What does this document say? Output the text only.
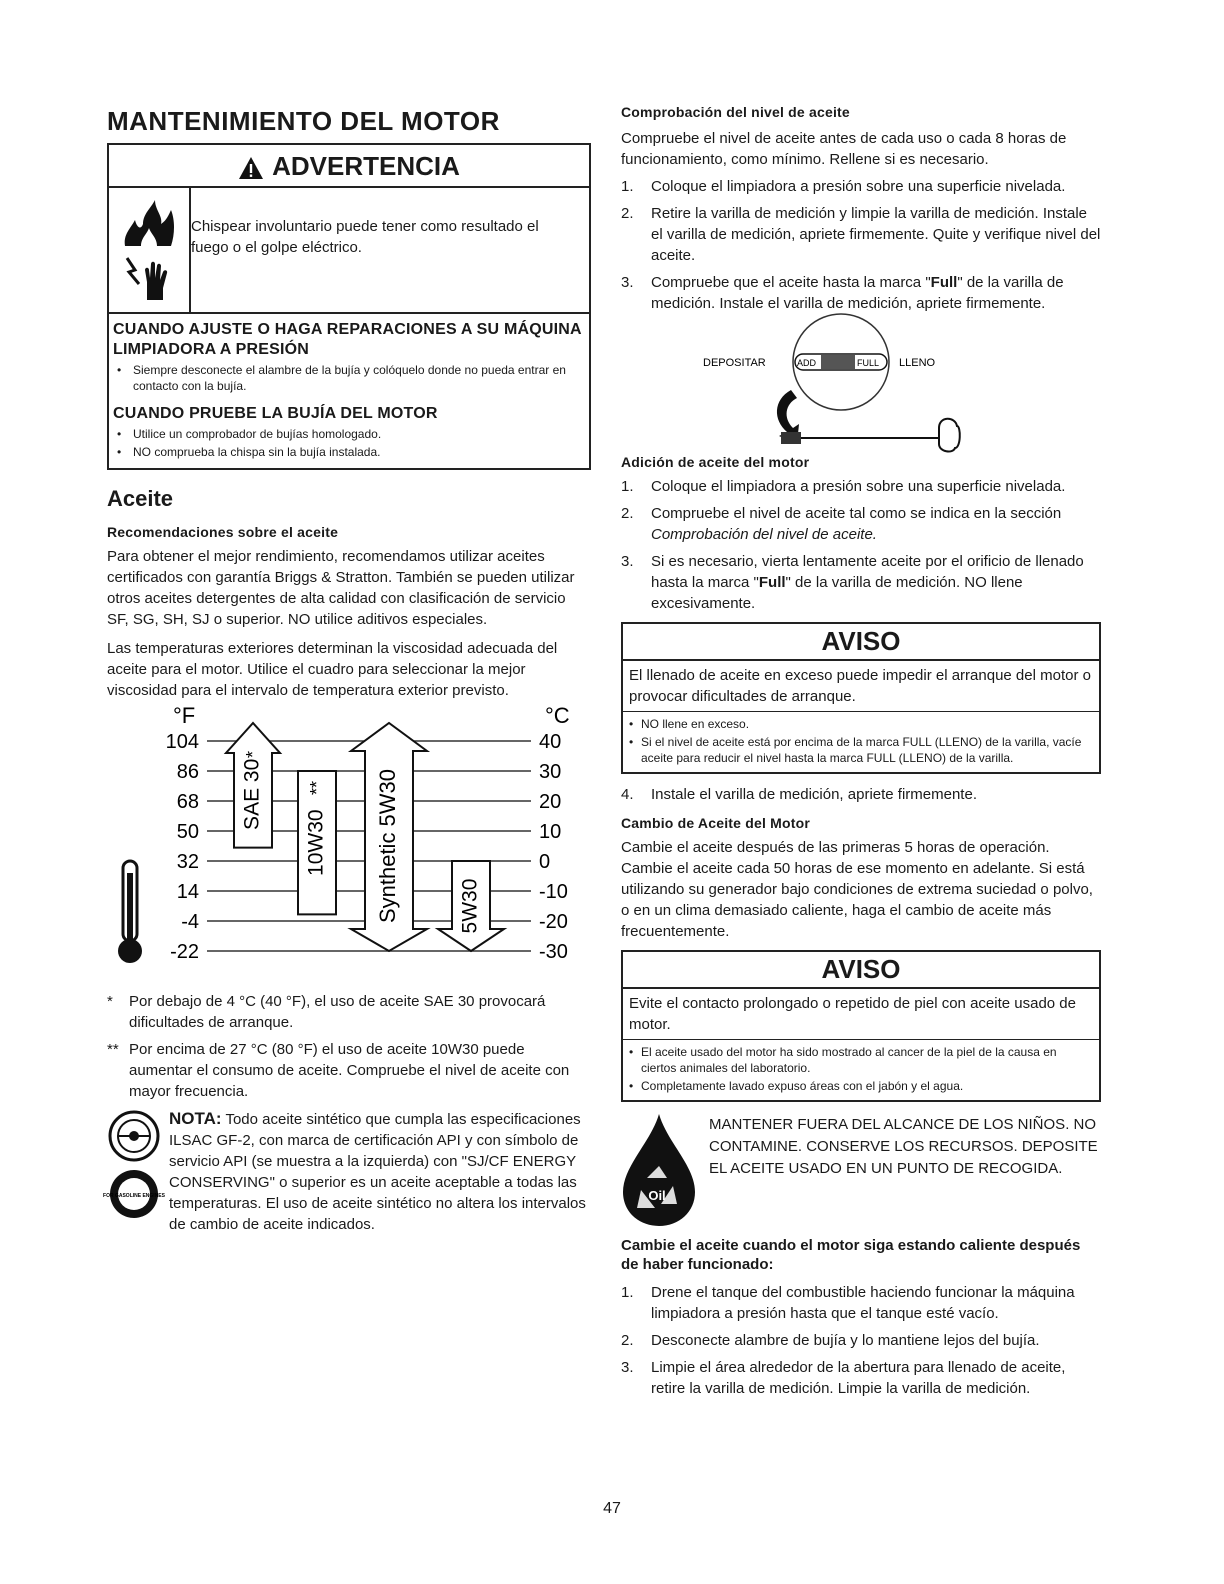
MANTENIMIENTO DEL MOTOR
ADVERTENCIA
Chispear involuntario puede tener como resultado el fuego o el golpe eléctrico.
CUANDO AJUSTE O HAGA REPARACIONES A SU MÁQUINA LIMPIADORA A PRESIÓN
• Siempre desconecte el alambre de la bujía y colóquelo donde no pueda entrar en contacto con la bujía.
CUANDO PRUEBE LA BUJÍA DEL MOTOR
• Utilice un comprobador de bujías homologado.
• NO comprueba la chispa sin la bujía instalada.
Aceite
Recomendaciones sobre el aceite

Para obtener el mejor rendimiento, recomendamos utilizar aceites certificados con garantía Briggs & Stratton. También se pueden utilizar otros aceites detergentes de alta calidad con clasificación de servicio SF, SG, SH, SJ o superior. NO utilice aditivos especiales.

Las temperaturas exteriores determinan la viscosidad adecuada del aceite para el motor. Utilice el cuadro para seleccionar la mejor viscosidad para el intervalo de temperatura exterior previsto.

°F	°C
104
86
68
50
32
14
-4
-22
40
30
20
10
0
-10
-20
-30
SAE 30
*
10W30
** Synthetic 5W30	5W30
*	Por debajo de 4 °C (40 °F), el uso de aceite SAE 30 provocará dificultades de arranque.
** Por encima de 27 °C (80 °F) el uso de aceite 10W30 puede aumentar el consumo de aceite. Compruebe el nivel de aceite con mayor frecuencia.
FOR GASOLINE ENGINES
NOTA: Todo aceite sintético que cumpla las especificaciones ILSAC GF-2, con marca de certificación API y con símbolo de servicio API (se muestra a la izquierda) con "SJ/CF ENERGY CONSERVING" o superior es un aceite aceptable a todas las temperaturas. El uso de aceite sintético no altera los intervalos de cambio de aceite indicados.
Comprobación del nivel de aceite

Compruebe el nivel de aceite antes de cada uso o cada 8 horas de funcionamiento, como mínimo. Rellene si es necesario.

1.	Coloque el limpiadora a presión sobre una superficie nivelada.
2.	Retire la varilla de medición y limpie la varilla de medición. Instale el varilla de medición, apriete firmemente. Quite y verifique nivel del aceite.
3.	Compruebe que el aceite hasta la marca "Full" de la varilla de medición. Instale el varilla de medición, apriete firmemente.
DEPOSITAR	LLENO
ADD	FULL
Adición de aceite del motor
1.	Coloque el limpiadora a presión sobre una superficie nivelada.
2.	Compruebe el nivel de aceite tal como se indica en la sección Comprobación del nivel de aceite.
3.	Si es necesario, vierta lentamente aceite por el orificio de llenado hasta la marca "Full" de la varilla de medición. NO llene excesivamente.
AVISO
El llenado de aceite en exceso puede impedir el arranque del motor o provocar dificultades de arranque.
• NO llene en exceso.
• Si el nivel de aceite está por encima de la marca FULL (LLENO) de la varilla, vacíe aceite para reducir el nivel hasta la marca FULL (LLENO) de la varilla.
4.	Instale el varilla de medición, apriete firmemente.
Cambio de Aceite del Motor

Cambie el aceite después de las primeras 5 horas de operación. Cambie el aceite cada 50 horas de ese momento en adelante. Si está utilizando su generador bajo condiciones de extrema suciedad o polvo, o en un clima demasiado caliente, haga el cambio de aceite más frecuentemente.

AVISO
Evite el contacto prolongado o repetido de piel con aceite usado de motor.
• El aceite usado del motor ha sido mostrado al cancer de la piel de la causa en ciertos animales del laboratorio.
• Completamente lavado expuso áreas con el jabón y el agua.
Oil
MANTENER FUERA DEL ALCANCE DE LOS NIÑOS. NO CONTAMINE. CONSERVE LOS RECURSOS. DEPOSITE EL ACEITE USADO EN UN PUNTO DE RECOGIDA.
Cambie el aceite cuando el motor siga estando caliente después de haber funcionado:
1.	Drene el tanque del combustible haciendo funcionar la máquina limpiadora a presión hasta que el tanque esté vacío.
2.	Desconecte alambre de bujía y lo mantiene lejos del bujía.
3.	Limpie el área alrededor de la abertura para llenado de aceite, retire la varilla de medición. Limpie la varilla de medición.
47
